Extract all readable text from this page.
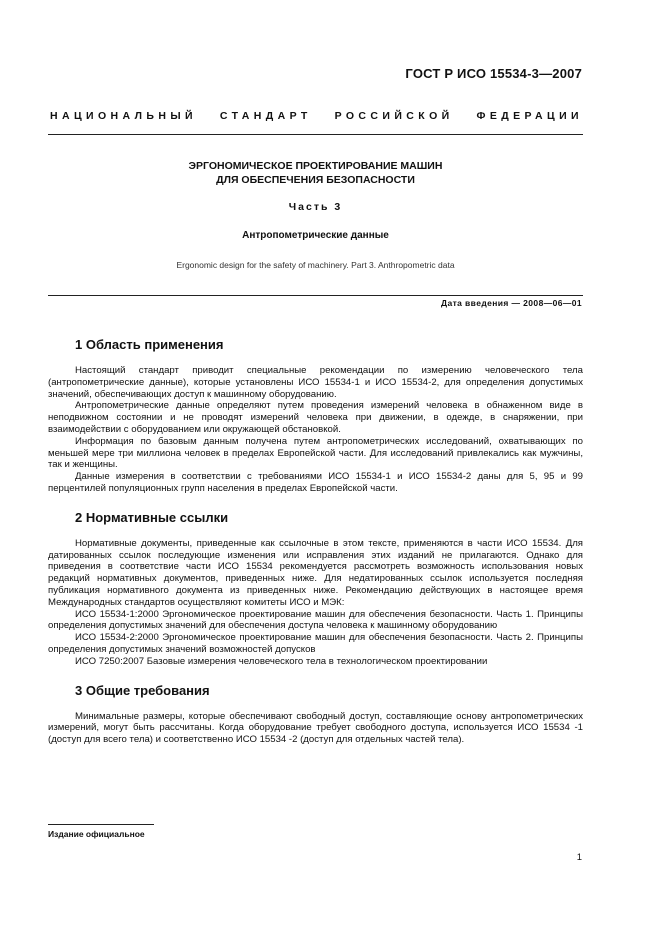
ГОСТ Р ИСО 15534-3—2007
НАЦИОНАЛЬНЫЙ СТАНДАРТ РОССИЙСКОЙ ФЕДЕРАЦИИ
ЭРГОНОМИЧЕСКОЕ ПРОЕКТИРОВАНИЕ МАШИН
ДЛЯ ОБЕСПЕЧЕНИЯ БЕЗОПАСНОСТИ
Часть 3
Антропометрические данные
Ergonomic design for the safety of machinery. Part 3. Anthropometric data
Дата введения — 2008—06—01
1 Область применения

Настоящий стандарт приводит специальные рекомендации по измерению человеческого тела (антропометрические данные), которые установлены ИСО 15534-1 и ИСО 15534-2, для определения допустимых значений, обеспечивающих доступ к машинному оборудованию.

Антропометрические данные определяют путем проведения измерений человека в обнаженном виде в неподвижном состоянии и не проводят измерений человека при движении, в одежде, в снаряжении, при взаимодействии с оборудованием или окружающей обстановкой.

Информация по базовым данным получена путем антропометрических исследований, охватывающих по меньшей мере три миллиона человек в пределах Европейской части. Для исследований привлекались как мужчины, так и женщины.

Данные измерения в соответствии с требованиями ИСО 15534-1 и ИСО 15534-2 даны для 5, 95 и 99 перцентилей популяционных групп населения в пределах Европейской части.

2 Нормативные ссылки

Нормативные документы, приведенные как ссылочные в этом тексте, применяются в части ИСО 15534. Для датированных ссылок последующие изменения или исправления этих изданий не прилагаются. Однако для приведения в соответствие части ИСО 15534 рекомендуется рассмотреть возможность использования новых редакций нормативных документов, приведенных ниже. Для недатированных ссылок используется последняя публикация нормативного документа из приведенных ниже. Рекомендацию действующих в настоящее время Международных стандартов осуществляют комитеты ИСО и МЭК:

ИСО 15534-1:2000 Эргономическое проектирование машин для обеспечения безопасности. Часть 1. Принципы определения допустимых значений для обеспечения доступа человека к машинному оборудованию

ИСО 15534-2:2000 Эргономическое проектирование машин для обеспечения безопасности. Часть 2. Принципы определения допустимых значений возможностей допусков

ИСО 7250:2007 Базовые измерения человеческого тела в технологическом проектировании

3 Общие требования

Минимальные размеры, которые обеспечивают свободный доступ, составляющие основу антропометрических измерений, могут быть рассчитаны. Когда оборудование требует свободного доступа, используется ИСО 15534 -1 (доступ для всего тела) и соответственно ИСО 15534 -2 (доступ для отдельных частей тела).

Издание официальное
1
